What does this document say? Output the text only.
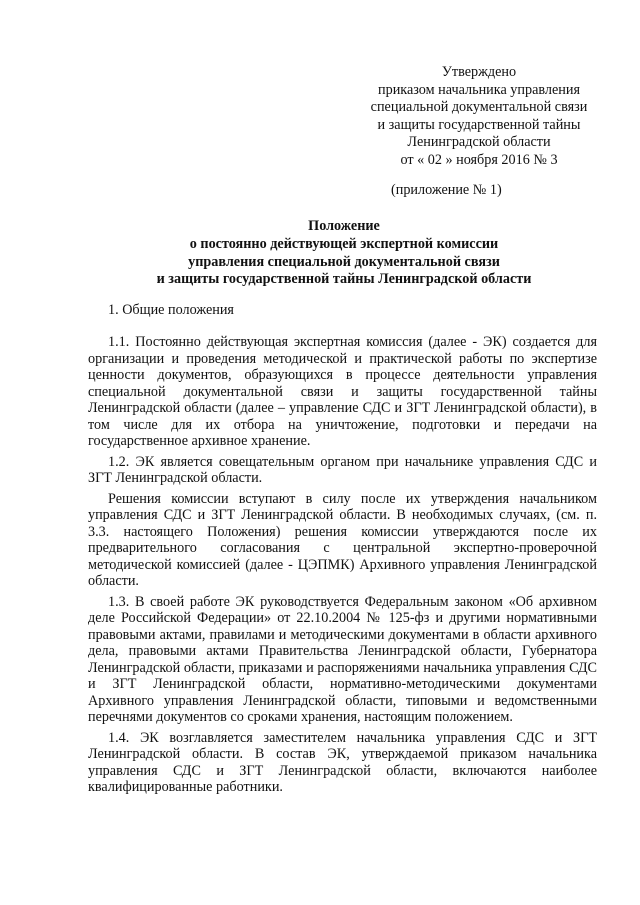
Утверждено
приказом начальника управления
специальной документальной связи
и защиты государственной тайны
Ленинградской области
от « 02 » ноября 2016 № 3
(приложение № 1)
Положение
о постоянно действующей экспертной комиссии
управления специальной документальной связи
и защиты государственной тайны Ленинградской области
1. Общие положения

1.1. Постоянно действующая экспертная комиссия (далее - ЭК) создается для организации и проведения методической и практической работы по экспертизе ценности документов, образующихся в процессе деятельности управления специальной документальной связи и защиты государственной тайны Ленинградской области (далее – управление СДС и ЗГТ Ленинградской области), в том числе для их отбора на уничтожение, подготовки и передачи на государственное архивное хранение.

1.2. ЭК является совещательным органом при начальнике управления СДС и ЗГТ Ленинградской области.

Решения комиссии вступают в силу после их утверждения начальником управления СДС и ЗГТ Ленинградской области. В необходимых случаях, (см. п. 3.3. настоящего Положения) решения комиссии утверждаются после их предварительного согласования с центральной экспертно-проверочной методической комиссией (далее - ЦЭПМК) Архивного управления Ленинградской области.

1.3. В своей работе ЭК руководствуется Федеральным законом «Об архивном деле Российской Федерации» от 22.10.2004 № 125-фз и другими нормативными правовыми актами, правилами и методическими документами в области архивного дела, правовыми актами Правительства Ленинградской области, Губернатора Ленинградской области, приказами и распоряжениями начальника управления СДС и ЗГТ Ленинградской области, нормативно-методическими документами Архивного управления Ленинградской области, типовыми и ведомственными перечнями документов со сроками хранения, настоящим положением.

1.4. ЭК возглавляется заместителем начальника управления СДС и ЗГТ Ленинградской области. В состав ЭК, утверждаемой приказом начальника управления СДС и ЗГТ Ленинградской области, включаются наиболее квалифицированные работники.
